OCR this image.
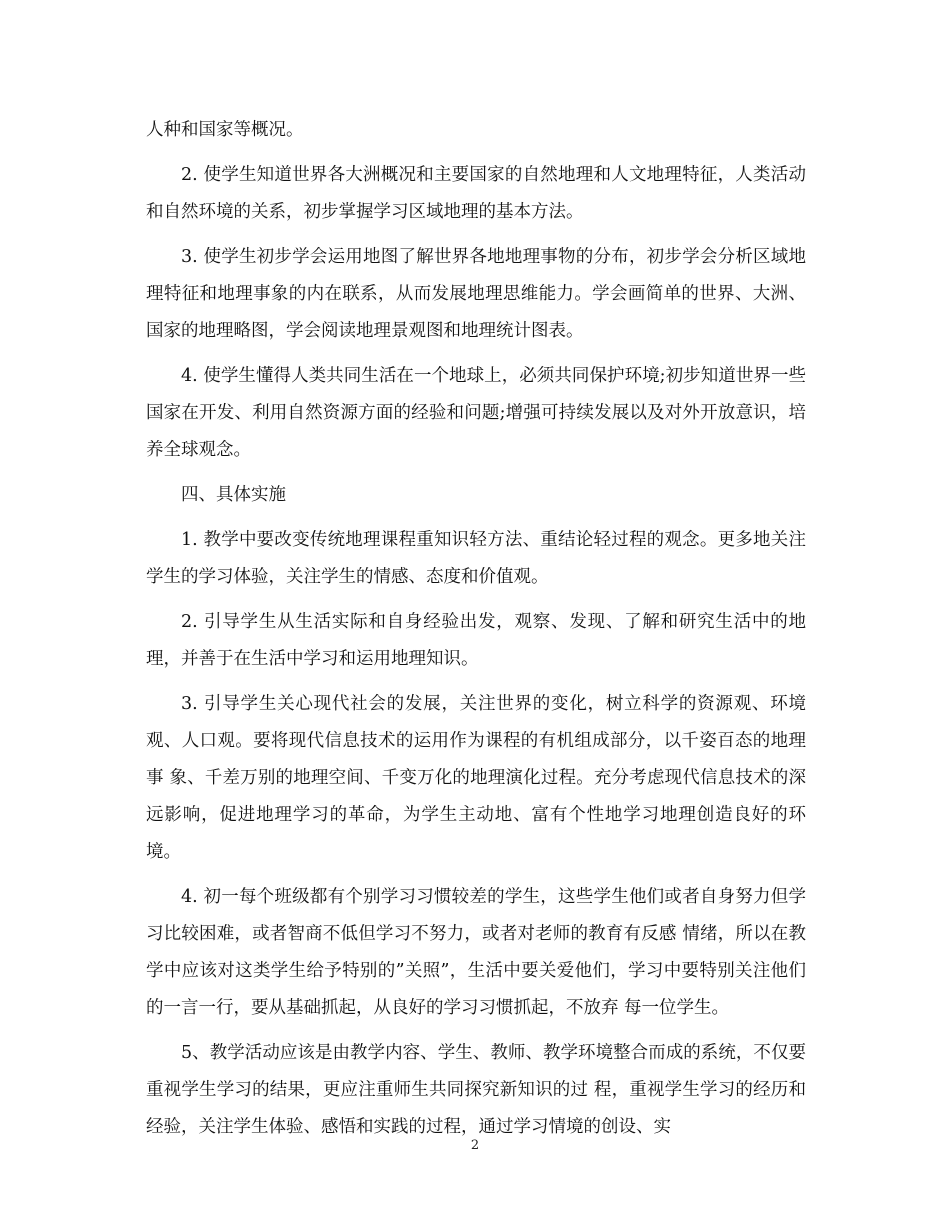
人种和国家等概况。

2. 使学生知道世界各大洲概况和主要国家的自然地理和人文地理特征，人类活动和自然环境的关系，初步掌握学习区域地理的基本方法。

3. 使学生初步学会运用地图了解世界各地地理事物的分布，初步学会分析区域地理特征和地理事象的内在联系，从而发展地理思维能力。学会画简单的世界、大洲、国家的地理略图，学会阅读地理景观图和地理统计图表。

4. 使学生懂得人类共同生活在一个地球上，必须共同保护环境;初步知道世界一些国家在开发、利用自然资源方面的经验和问题;增强可持续发展以及对外开放意识，培养全球观念。

四、具体实施

1. 教学中要改变传统地理课程重知识轻方法、重结论轻过程的观念。更多地关注学生的学习体验，关注学生的情感、态度和价值观。

2. 引导学生从生活实际和自身经验出发，观察、发现、了解和研究生活中的地理，并善于在生活中学习和运用地理知识。

3. 引导学生关心现代社会的发展，关注世界的变化，树立科学的资源观、环境观、人口观。要将现代信息技术的运用作为课程的有机组成部分，以千姿百态的地理事 象、千差万别的地理空间、千变万化的地理演化过程。充分考虑现代信息技术的深远影响，促进地理学习的革命，为学生主动地、富有个性地学习地理创造良好的环 境。

4. 初一每个班级都有个别学习习惯较差的学生，这些学生他们或者自身努力但学习比较困难，或者智商不低但学习不努力，或者对老师的教育有反感 情绪，所以在教学中应该对这类学生给予特别的”关照”，生活中要关爱他们，学习中要特别关注他们的一言一行，要从基础抓起，从良好的学习习惯抓起，不放弃 每一位学生。

5、教学活动应该是由教学内容、学生、教师、教学环境整合而成的系统，不仅要重视学生学习的结果，更应注重师生共同探究新知识的过 程，重视学生学习的经历和经验，关注学生体验、感悟和实践的过程，通过学习情境的创设、实

2
